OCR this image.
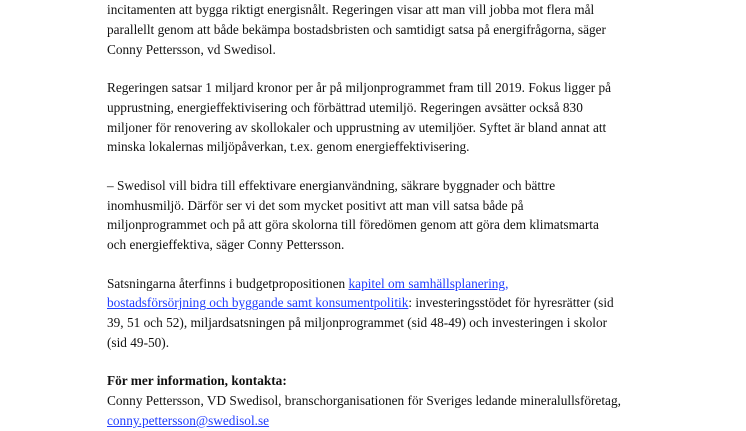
incitamenten att bygga riktigt energisnålt. Regeringen visar att man vill jobba mot flera mål
parallellt genom att både bekämpa bostadsbristen och samtidigt satsa på energifrågorna, säger
Conny Pettersson, vd Swedisol.

Regeringen satsar 1 miljard kronor per år på miljonprogrammet fram till 2019. Fokus ligger på
upprustning, energieffektivisering och förbättrad utemiljö. Regeringen avsätter också 830
miljoner för renovering av skollokaler och upprustning av utemiljöer. Syftet är bland annat att
minska lokalernas miljöpåverkan, t.ex. genom energieffektivisering.

– Swedisol vill bidra till effektivare energianvändning, säkrare byggnader och bättre
inomhusmiljö. Därför ser vi det som mycket positivt att man vill satsa både på
miljonprogrammet och på att göra skolorna till föredömen genom att göra dem klimatsmarta
och energieffektiva, säger Conny Pettersson.

Satsningarna återfinns i budgetpropositionen kapitel om samhällsplanering,
bostadsförsörjning och byggande samt konsumentpolitik: investeringsstödet för hyresrätter (sid
39, 51 och 52), miljardsatsningen på miljonprogrammet (sid 48-49) och investeringen i skolor
(sid 49-50).

För mer information, kontakta:

Conny Pettersson, VD Swedisol, branschorganisationen för Sveriges ledande mineralullsföretag,
conny.pettersson@swedisol.se
